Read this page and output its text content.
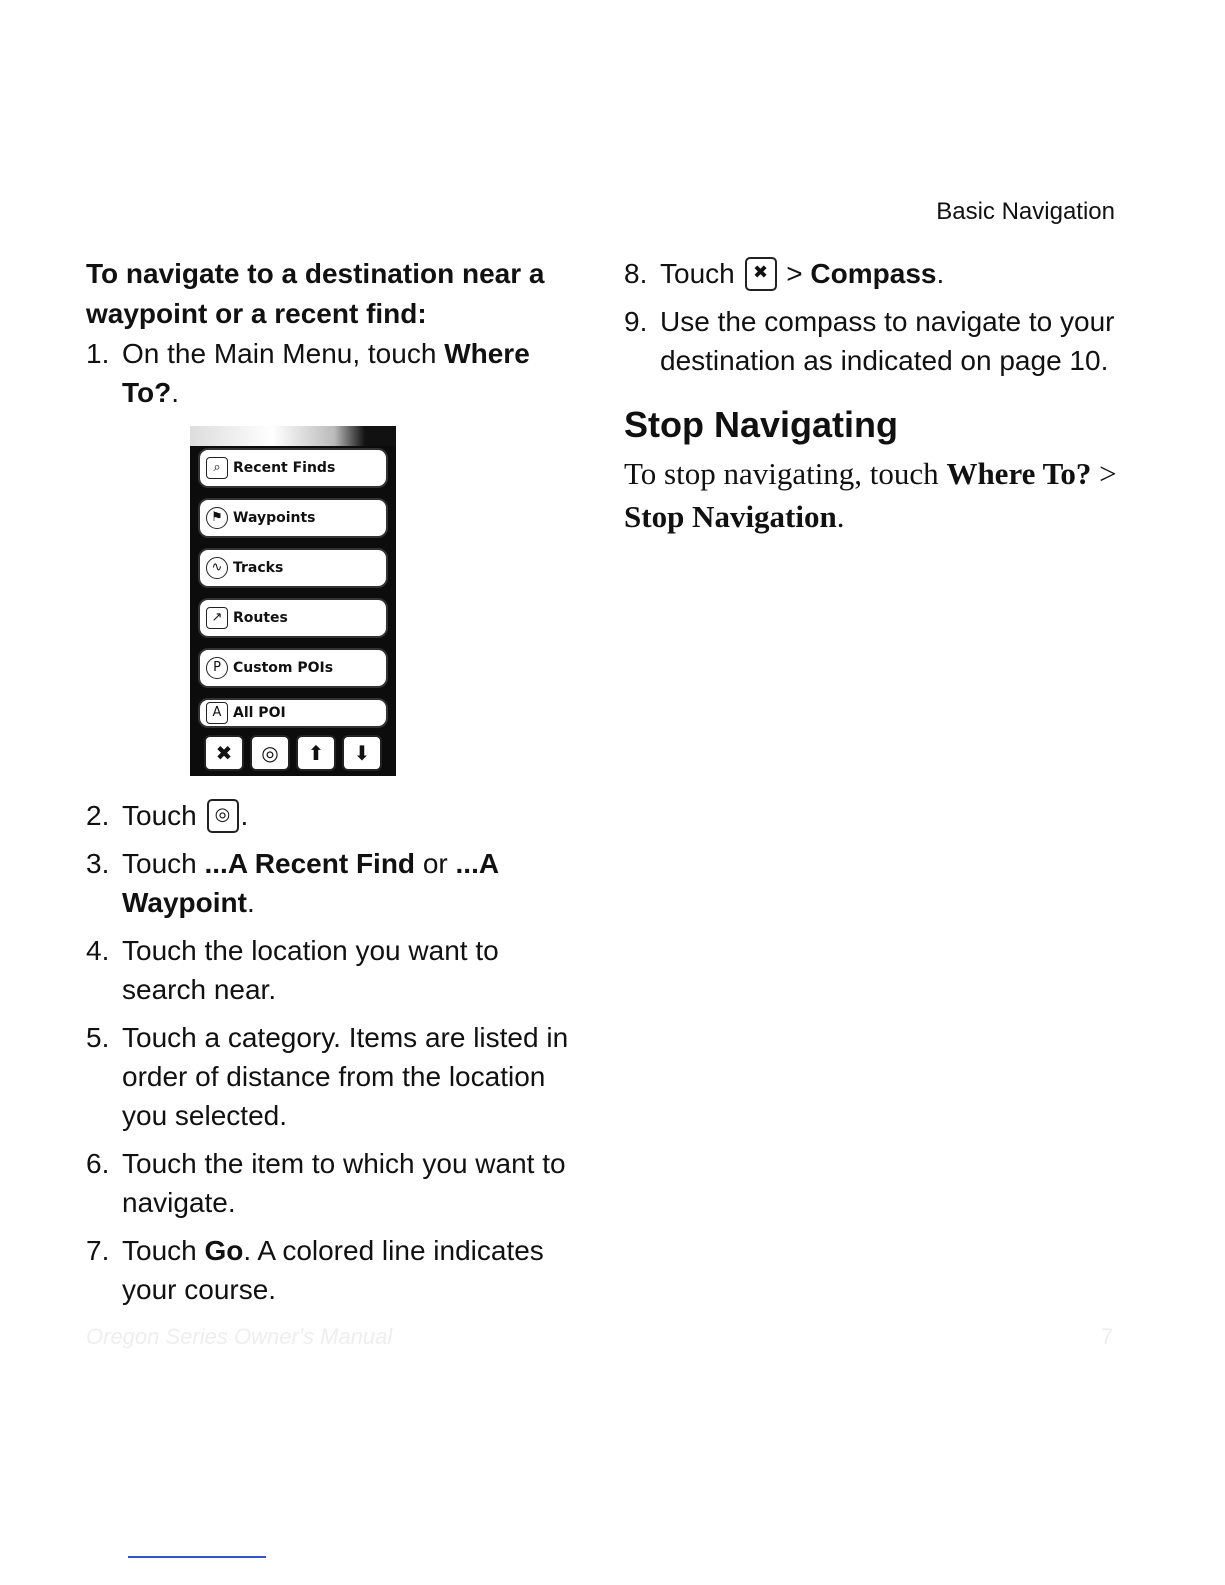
Basic Navigation

To navigate to a destination near a waypoint or a recent find:

1. On the Main Menu, touch Where To?.
⌕ Recent Finds
⚑ Waypoints
∿ Tracks
↗ Routes
P Custom POIs
A All POI
✖	◎	⬆	⬇
2. Touch ◎ .
3. Touch ...A Recent Find or ...A Waypoint.
4. Touch the location you want to search near.
5. Touch a category. Items are listed in order of distance from the location you selected.
6. Touch the item to which you want to navigate.
7. Touch Go. A colored line indicates your course.
8. Touch ✖ > Compass.
9. Use the compass to navigate to your destination as indicated on page 10.
Stop Navigating

To stop navigating, touch Where To? > Stop Navigation.

Oregon Series Owner's Manual	7
